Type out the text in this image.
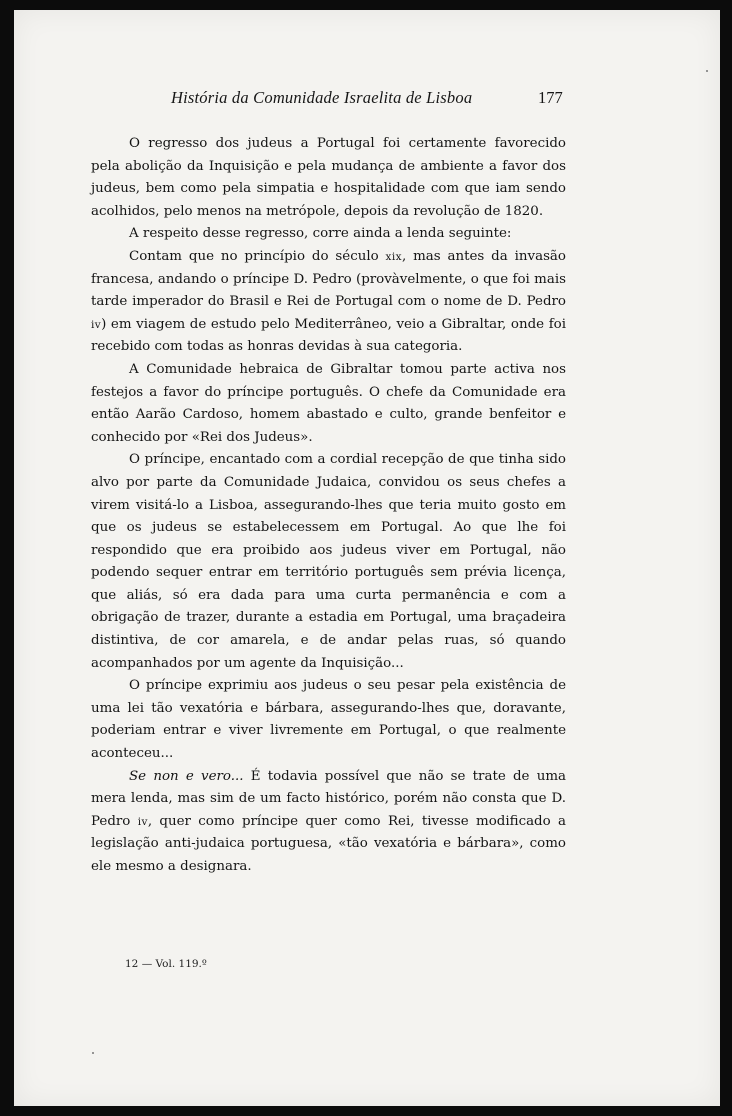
História da Comunidade Israelita de Lisboa	177

O regresso dos judeus a Portugal foi certamente favorecido pela abolição da Inquisição e pela mudança de ambiente a favor dos judeus, bem como pela simpatia e hospitalidade com que iam sendo acolhidos, pelo menos na metrópole, depois da revolução de 1820.

A respeito desse regresso, corre ainda a lenda seguinte:

Contam que no princípio do século xix, mas antes da invasão francesa, andando o príncipe D. Pedro (provàvelmente, o que foi mais tarde imperador do Brasil e Rei de Portugal com o nome de D. Pedro iv) em viagem de estudo pelo Mediterrâneo, veio a Gibraltar, onde foi recebido com todas as honras devidas à sua categoria.

A Comunidade hebraica de Gibraltar tomou parte activa nos festejos a favor do príncipe português. O chefe da Comunidade era então Aarão Cardoso, homem abastado e culto, grande benfeitor e conhecido por «Rei dos Judeus».

O príncipe, encantado com a cordial recepção de que tinha sido alvo por parte da Comunidade Judaica, convidou os seus chefes a virem visitá-lo a Lisboa, assegurando-lhes que teria muito gosto em que os judeus se estabelecessem em Portugal. Ao que lhe foi respondido que era proibido aos judeus viver em Portugal, não podendo sequer entrar em território português sem prévia licença, que aliás, só era dada para uma curta permanência e com a obrigação de trazer, durante a estadia em Portugal, uma braçadeira distintiva, de cor amarela, e de andar pelas ruas, só quando acompanhados por um agente da Inquisição...

O príncipe exprimiu aos judeus o seu pesar pela existência de uma lei tão vexatória e bárbara, assegurando-lhes que, doravante, poderiam entrar e viver livremente em Portugal, o que realmente aconteceu...

Se non e vero... É todavia possível que não se trate de uma mera lenda, mas sim de um facto histórico, porém não consta que D. Pedro iv, quer como príncipe quer como Rei, tivesse modificado a legislação anti-judaica portuguesa, «tão vexatória e bárbara», como ele mesmo a designara.

12 — Vol. 119.º
